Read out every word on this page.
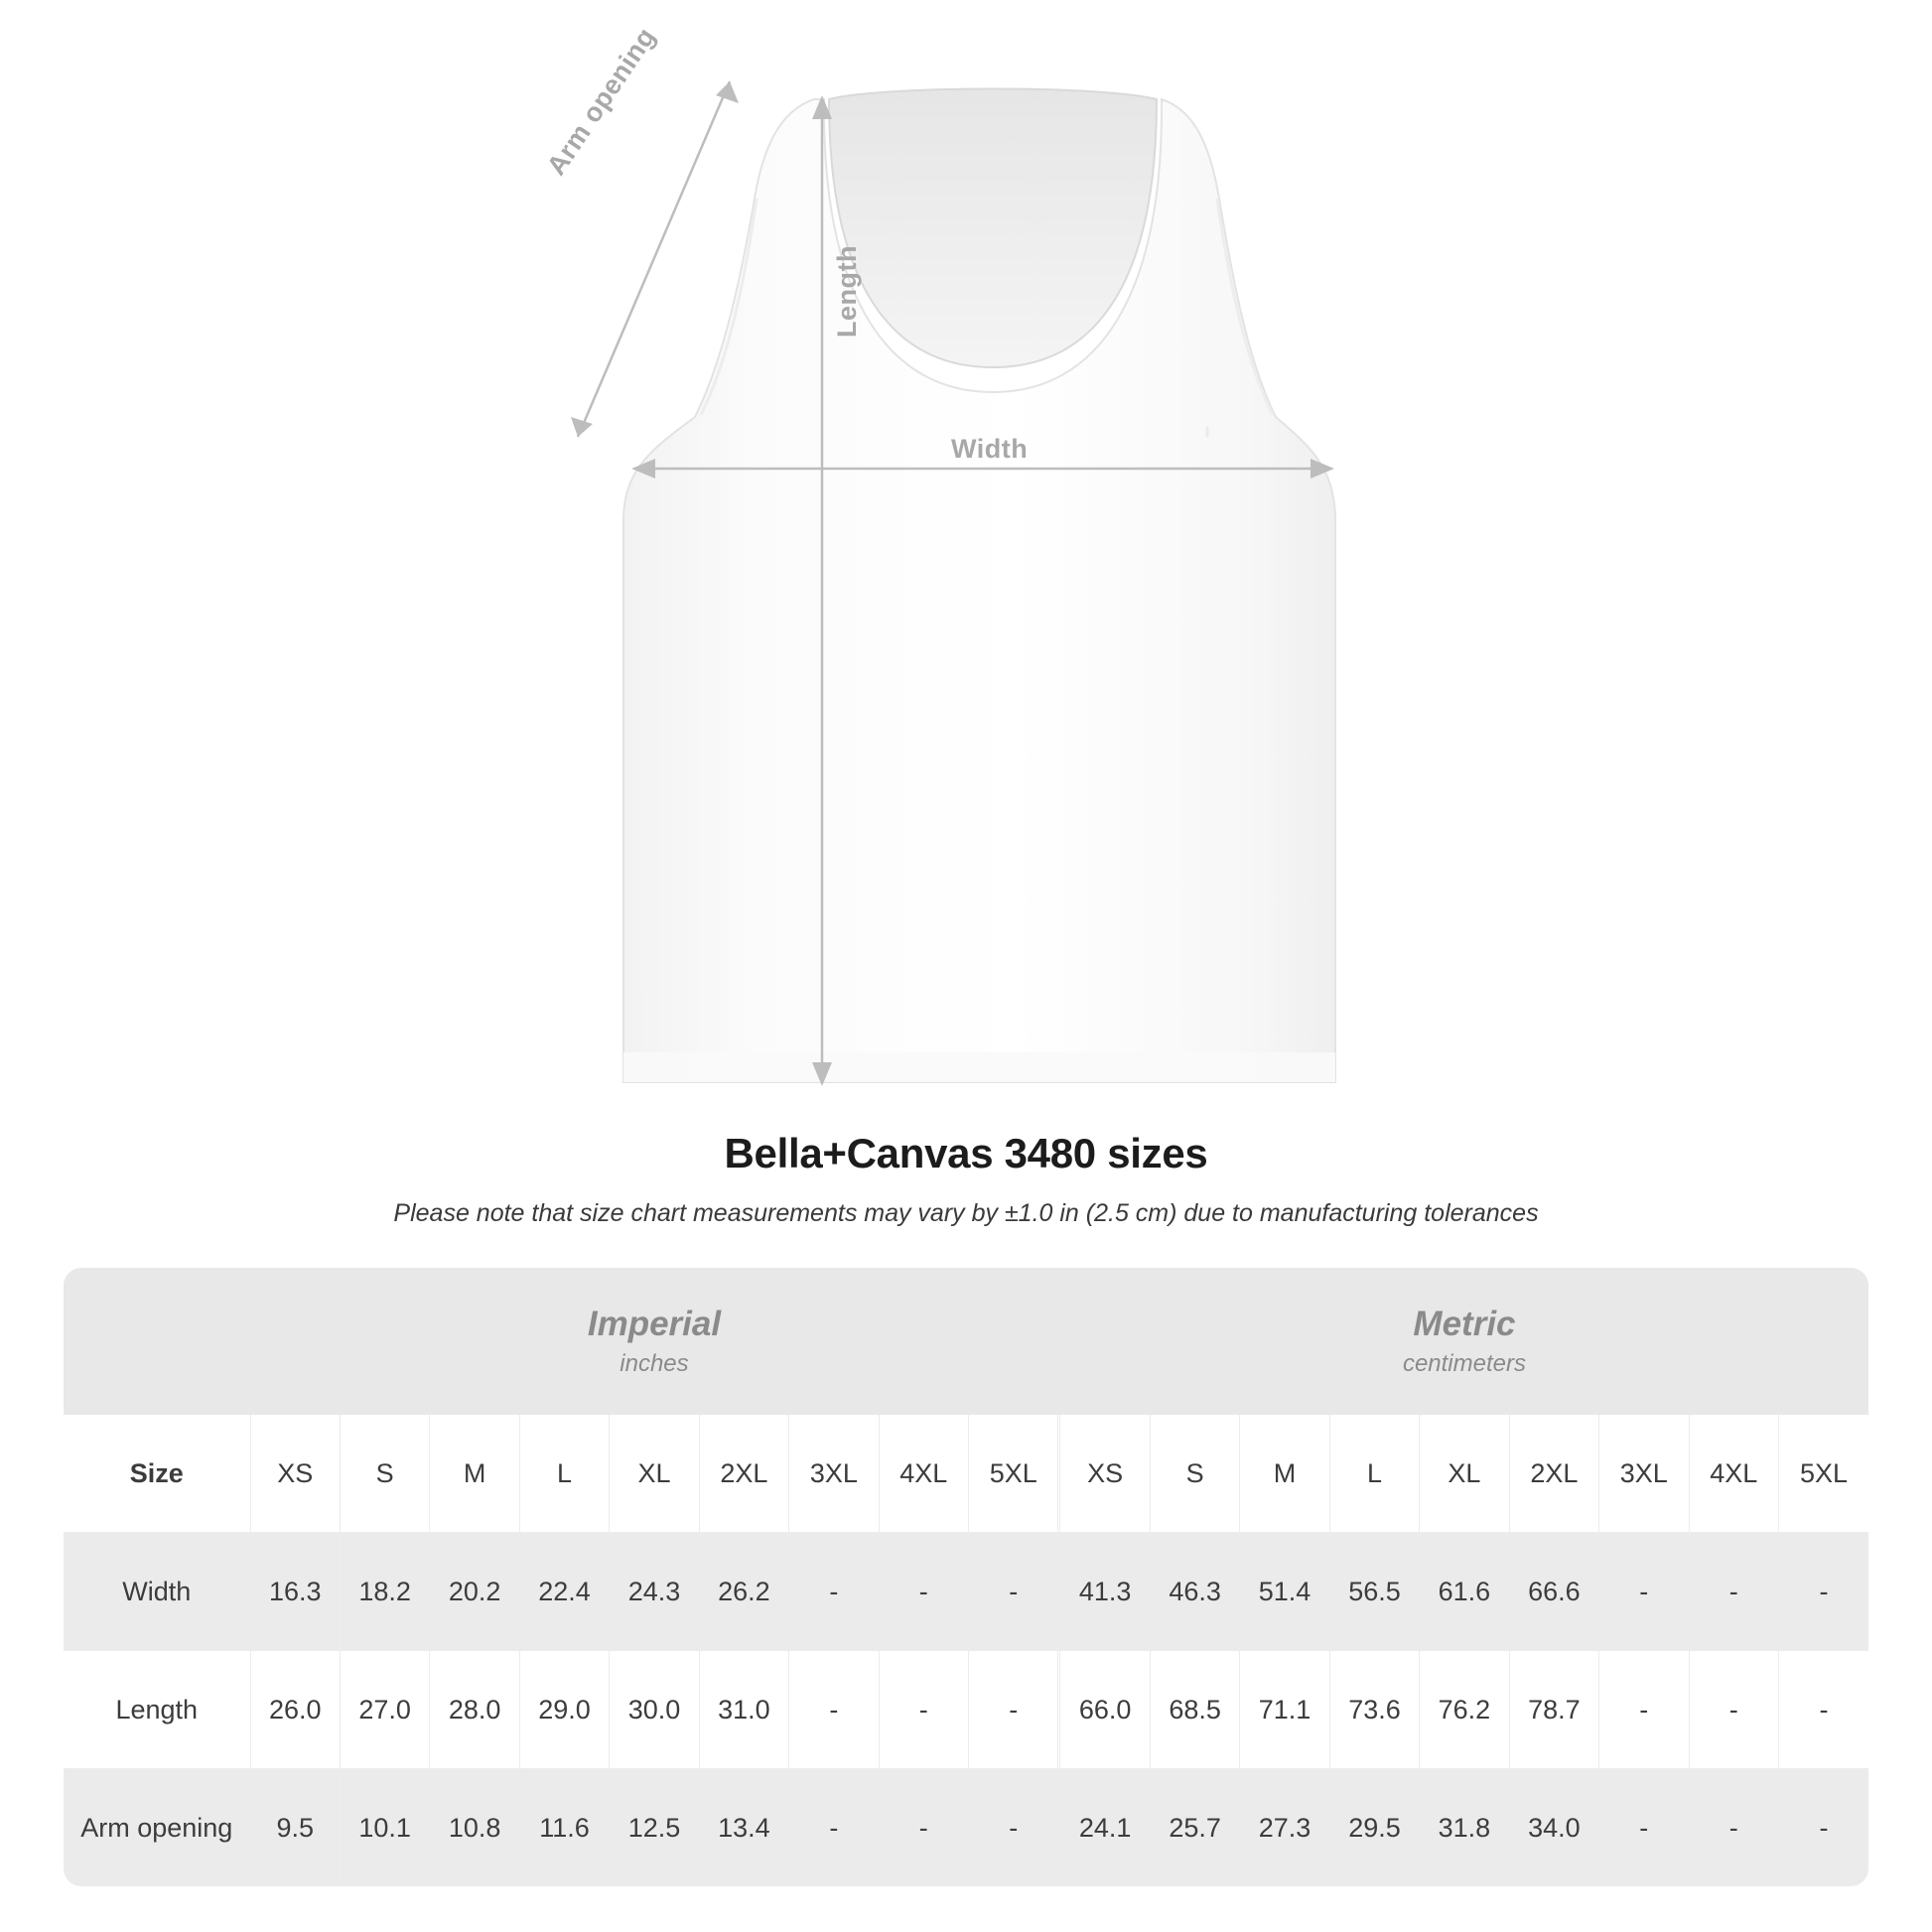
Arm opening
Length
Width
Bella+Canvas 3480 sizes
Please note that size chart measurements may vary by ±1.0 in (2.5 cm) due to manufacturing tolerances

Imperial
inches

Metric
centimeters

Size	XS	S	M	L	XL	2XL	3XL	4XL	5XL		XS	S	M	L	XL	2XL	3XL	4XL	5XL
Width	16.3	18.2	20.2	22.4	24.3	26.2	-	-	-		41.3	46.3	51.4	56.5	61.6	66.6	-	-	-
Length	26.0	27.0	28.0	29.0	30.0	31.0	-	-	-		66.0	68.5	71.1	73.6	76.2	78.7	-	-	-
Arm opening	9.5	10.1	10.8	11.6	12.5	13.4	-	-	-		24.1	25.7	27.3	29.5	31.8	34.0	-	-	-
